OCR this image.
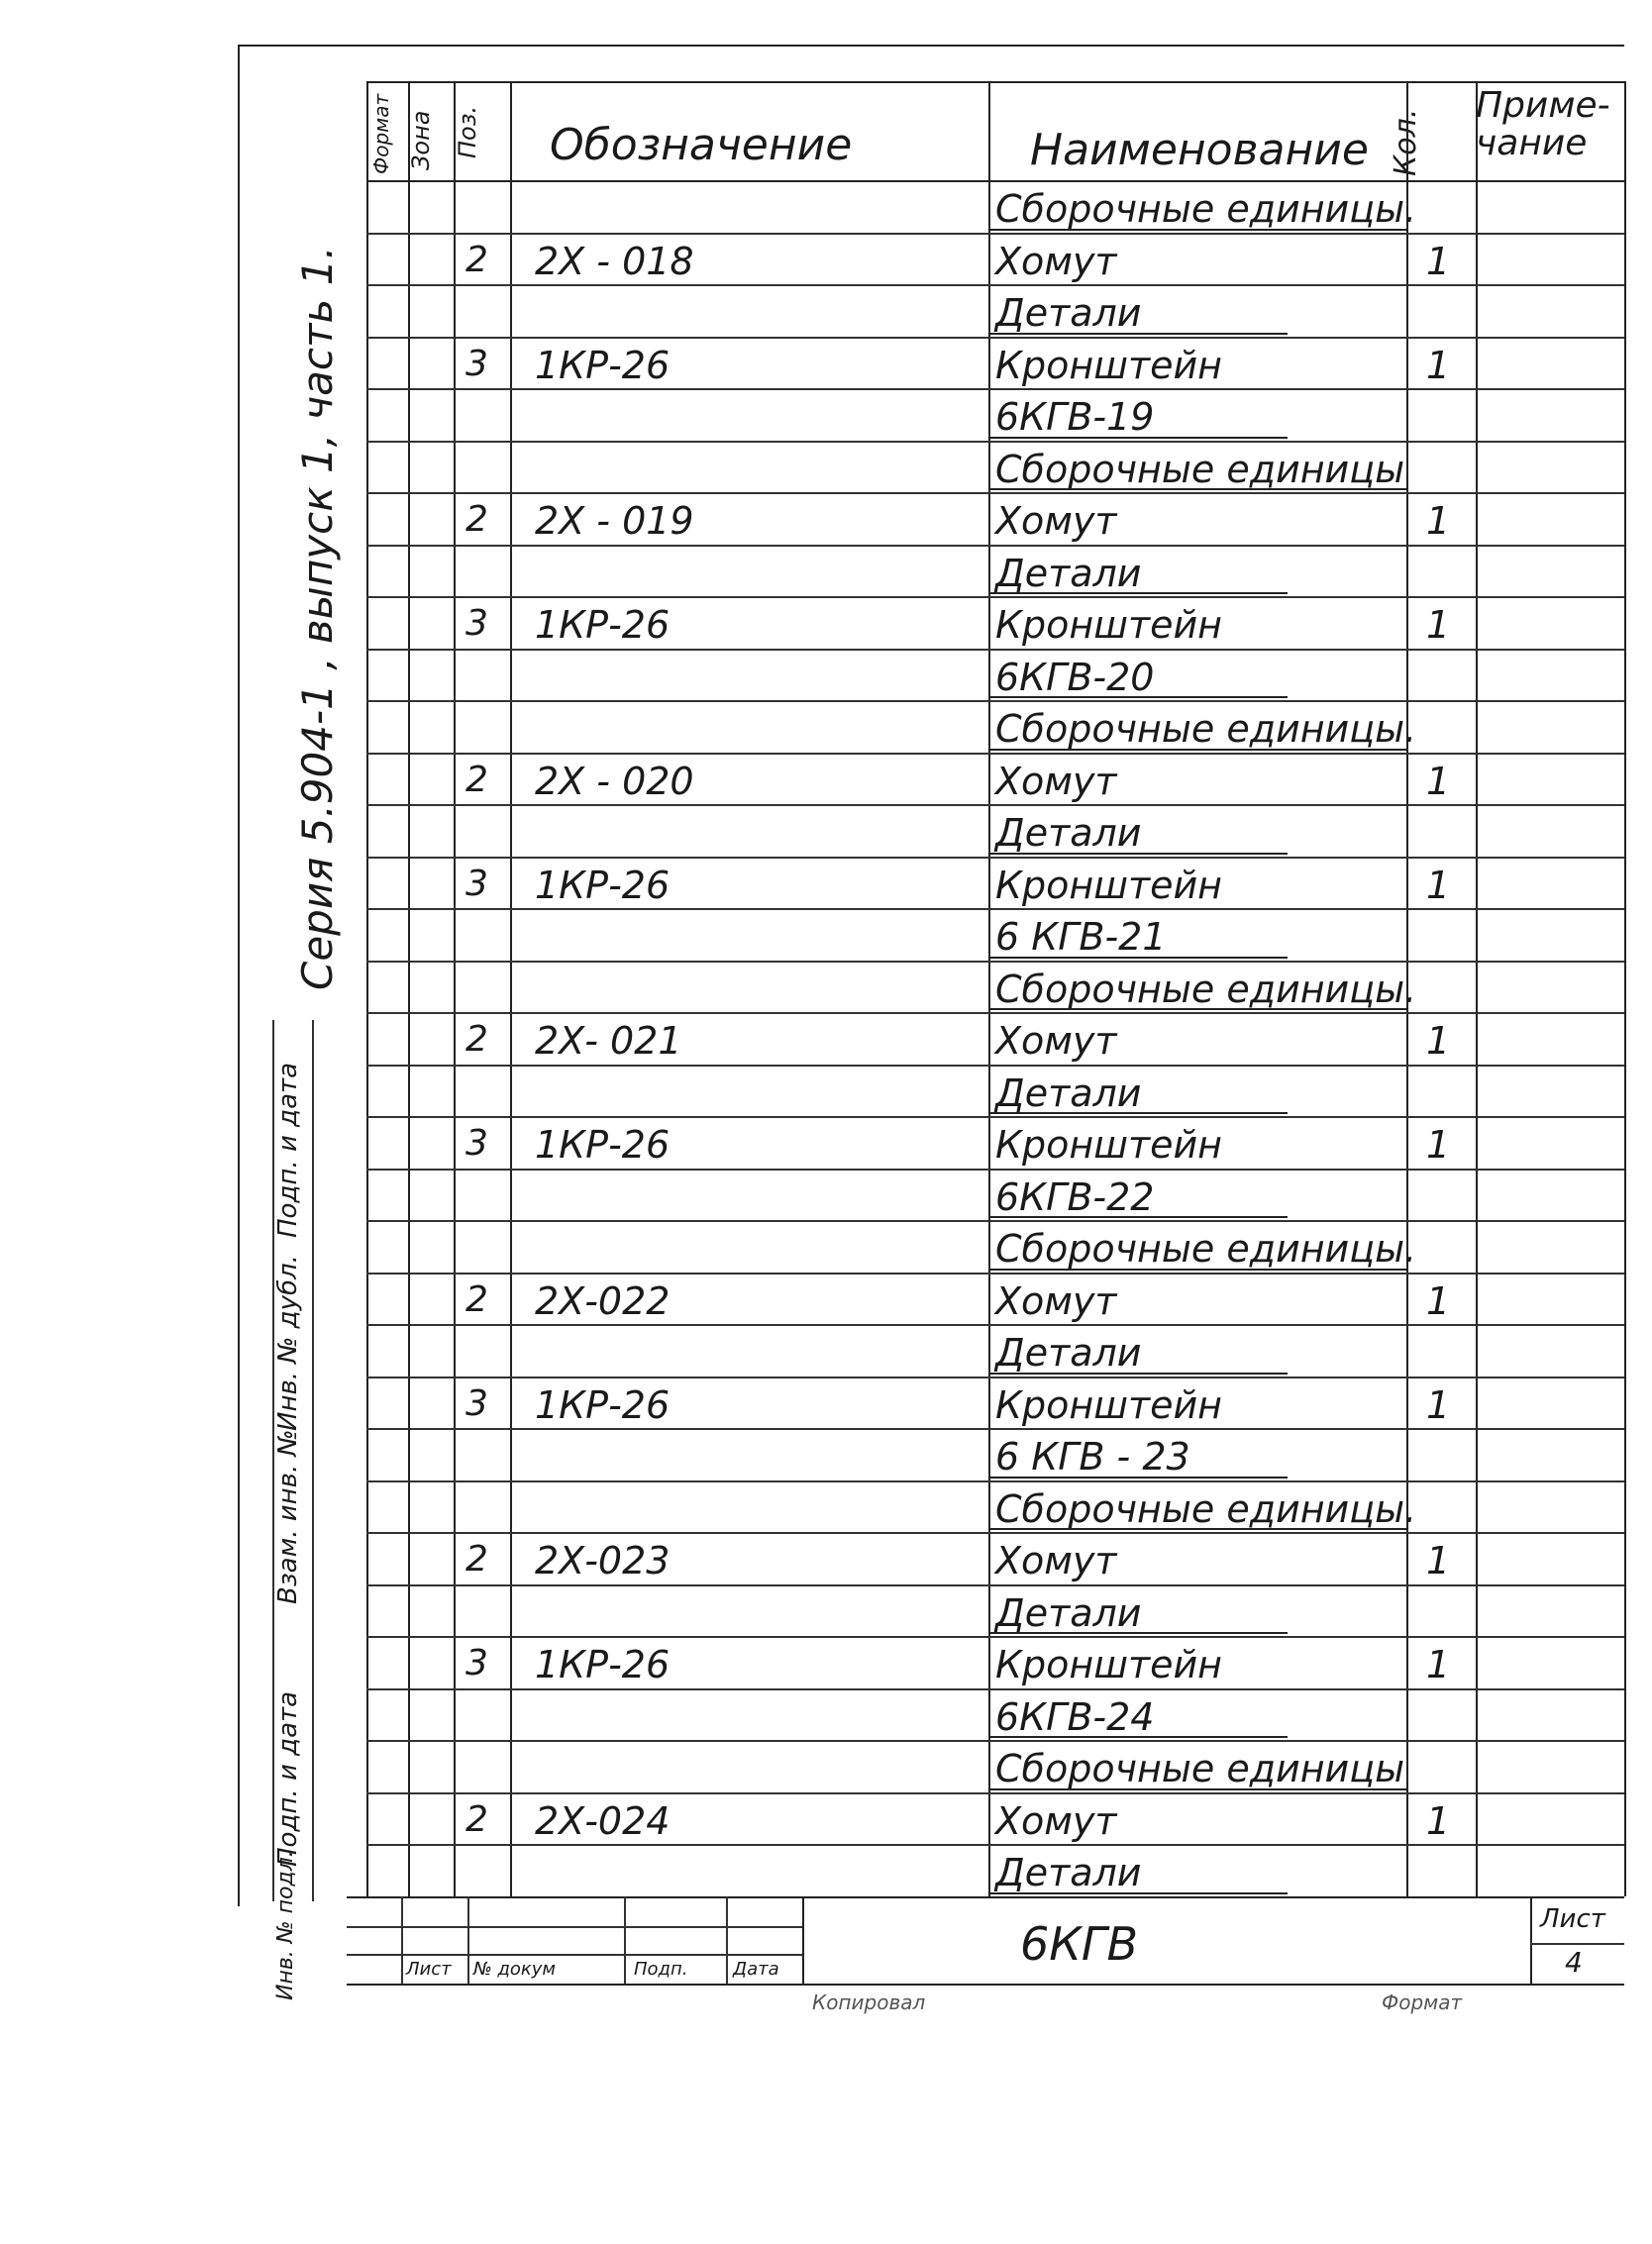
Формат Зона Поз. Обозначение	Наименование Кол.
Приме-чание
Серия 5.904-1 , выпуск 1, часть 1.
Подп. и дата
Инв. № дубл.
Взам. инв. №
Подп. и дата
Инв. № подл.
Сборочные единицы.
2 2Х - 018	Хомут	1
Детали
3 1КР-26	Кронштейн	1
6КГВ-19
Сборочные единицы
2 2Х - 019	Хомут	1
Детали
3 1КР-26	Кронштейн	1
6КГВ-20
Сборочные единицы.
2 2Х - 020	Хомут	1
Детали
3 1КР-26	Кронштейн	1
6 КГВ-21
Сборочные единицы.
2 2Х- 021	Хомут	1
Детали
3 1КР-26	Кронштейн	1
6КГВ-22
Сборочные единицы.
2 2Х-022	Хомут	1
Детали
3 1КР-26	Кронштейн	1
6 КГВ - 23
Сборочные единицы.
2 2Х-023	Хомут	1
Детали
3 1КР-26	Кронштейн	1
6КГВ-24
Сборочные единицы
2 2Х-024	Хомут	1
Детали
Лист № докум	Подп.	Дата	6КГВ	Лист
4
Копировал	Формат
